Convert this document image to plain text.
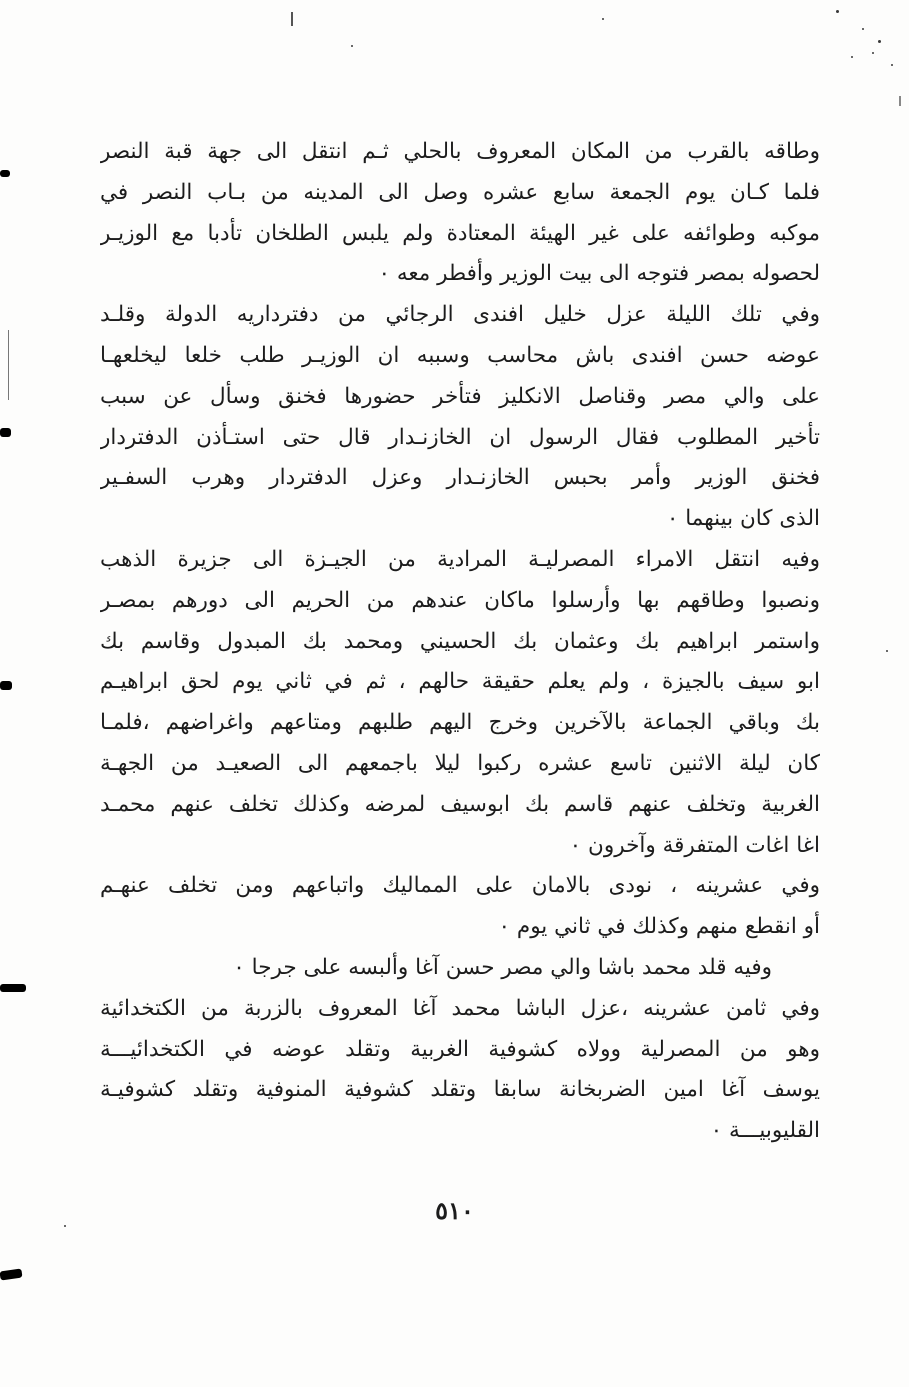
وطاقه بالقرب من المكان المعروف بالحلي ثـم انتقل الى جهة قبة النصر
فلما كـان يوم الجمعة سابع عشره وصل الى المدينه من بـاب النصر في
موكبه وطوائفه على غير الهيئة المعتادة ولم يلبس الطلخان تأدبا مع الوزيـر
لحصوله بمصر فتوجه الى بيت الوزير وأفطر معه ٠
وفي تلك الليلة عزل خليل افندى الرجائي من دفترداريه الدولة وقلـد
عوضه حسن افندى باش محاسب وسببه ان الوزيـر طلب خلعا ليخلعهـا
على والي مصر وقناصل الانكليز فتأخر حضورها فخنق وسأل عن سبب
تأخير المطلوب فقال الرسول ان الخازنـدار قال حتى استـأذن الدفتردار
فخنق الوزير وأمر بحبس الخازنـدار وعزل الدفتردار وهرب السفـير
الذى كان بينهما ٠
وفيه انتقل الامراء المصرليـة المرادية من الجيـزة الى جزيرة الذهب
ونصبوا وطاقهم بها وأرسلوا ماكان عندهم من الحريم الى دورهم بمصـر
واستمر ابراهيم بك وعثمان بك الحسيني ومحمد بك المبدول وقاسم بك
ابو سيف بالجيزة ، ولم يعلم حقيقة حالهم ، ثم في ثاني يوم لحق ابراهيـم
بك وباقي الجماعة بالآخرين وخرج اليهم طلبهم ومتاعهم واغراضهم ،فلمـا
كان ليلة الاثنين تاسع عشره ركبوا ليلا باجمعهم الى الصعيـد من الجهـة
الغربية وتخلف عنهم قاسم بك ابوسيف لمرضه وكذلك تخلف عنهم محمـد
اغا اغات المتفرقة وآخرون ٠
وفي عشرينه ، نودى بالامان على المماليك واتباعهم ومن تخلف عنهـم
أو انقطع منهم وكذلك في ثاني يوم ٠
وفيه قلد محمد باشا والي مصر حسن آغا وألبسه على جرجا ٠
وفي ثامن عشرينه ،عزل الباشا محمد آغا المعروف بالزربة من الكتخدائية
وهو من المصرلية وولاه كشوفية الغربية وتقلد عوضه في الكتخدائيـــة
يوسف آغا امين الضربخانة سابقا وتقلد كشوفية المنوفية وتقلد كشوفيـة
القليوبيـــة ٠
٥١٠
